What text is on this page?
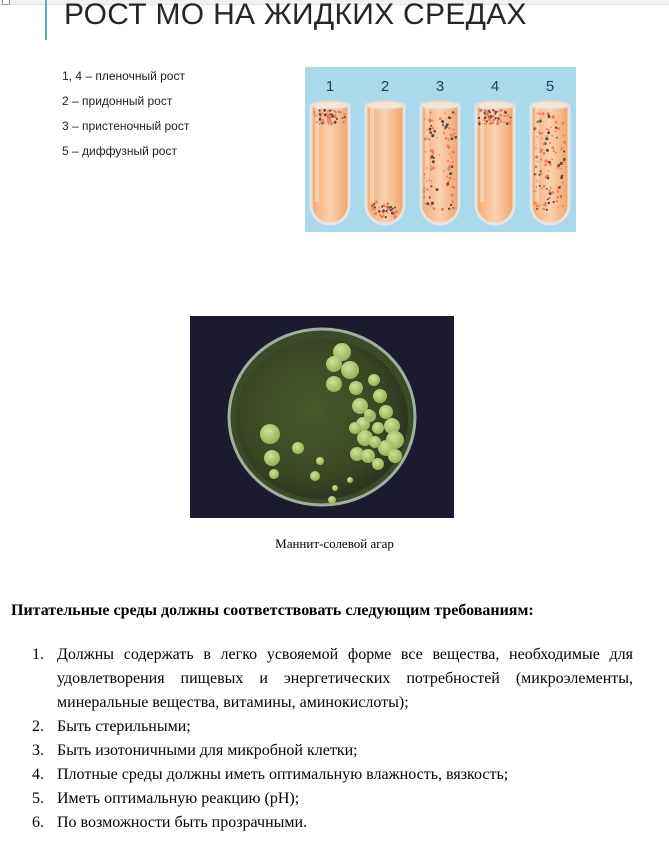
РОСТ МО НА ЖИДКИХ СРЕДАХ
1, 4 – пленочный рост
2 – придонный рост
3 – пристеночный рост
5 – диффузный рост
1	2	3	4	5
Маннит-солевой агар
Питательные среды должны соответствовать следующим требованиям:
1. Должны содержать в легко усвояемой форме все вещества, необходимые для удовлетворения пищевых и энергетических потребностей (микроэлементы, минеральные вещества, витамины, аминокислоты);
2. Быть стерильными;
3. Быть изотоничными для микробной клетки;
4. Плотные среды должны иметь оптимальную влажность, вязкость;
5. Иметь оптимальную реакцию (pH);
6. По возможности быть прозрачными.
